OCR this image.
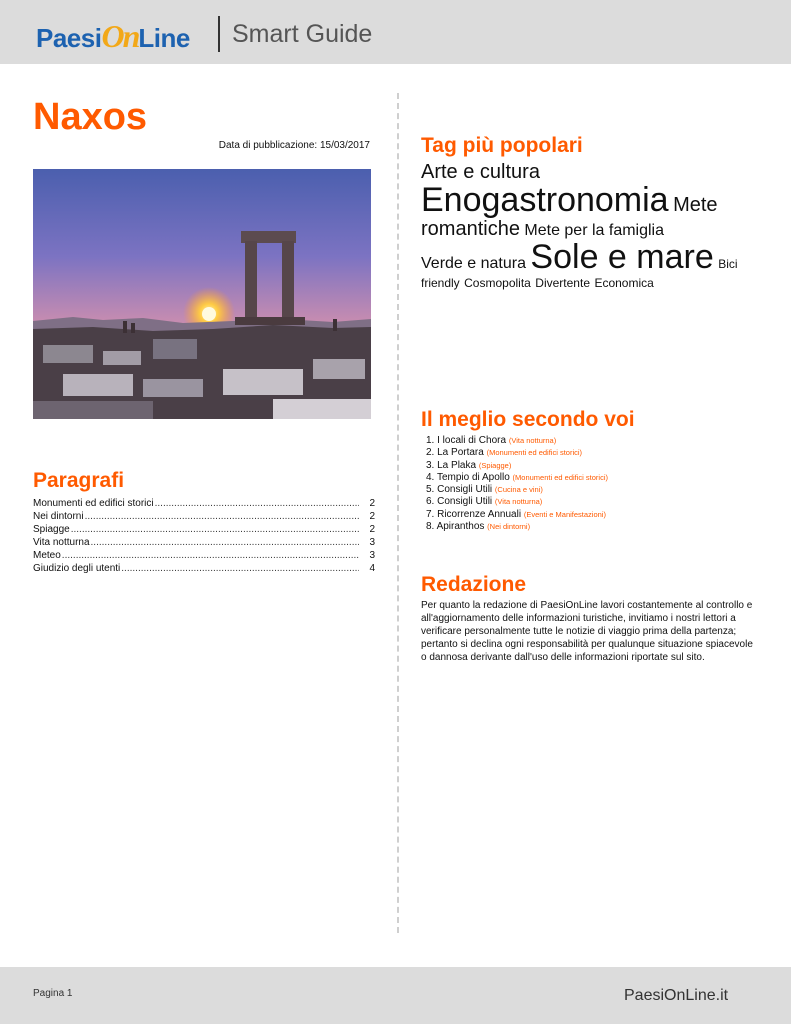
PaesiOnLine Smart Guide
Naxos
Data di pubblicazione: 15/03/2017
Paragrafi
Monumenti ed edifici storici .....	2
Nei dintorni .....	2
Spiagge .....	2
Vita notturna .....	3
Meteo .....	3
Giudizio degli utenti .....	4
Tag più popolari
Arte e cultura
Enogastronomia Mete romantiche Mete per la famiglia
Verde e natura Sole e mare Bici friendly Cosmopolita Divertente Economica
Il meglio secondo voi
1. I locali di Chora (Vita notturna)
2. La Portara (Monumenti ed edifici storici)
3. La Plaka (Spiagge)
4. Tempio di Apollo (Monumenti ed edifici storici)
5. Consigli Utili (Cucina e vini)
6. Consigli Utili (Vita notturna)
7. Ricorrenze Annuali (Eventi e Manifestazioni)
8. Apiranthos (Nei dintorni)
Redazione
Per quanto la redazione di PaesiOnLine lavori costantemente al controllo e all'aggiornamento delle informazioni turistiche, invitiamo i nostri lettori a verificare personalmente tutte le notizie di viaggio prima della partenza; pertanto si declina ogni responsabilità per qualunque situazione spiacevole o dannosa derivante dall'uso delle informazioni riportate sul sito.
Pagina 1	PaesiOnLine.it
